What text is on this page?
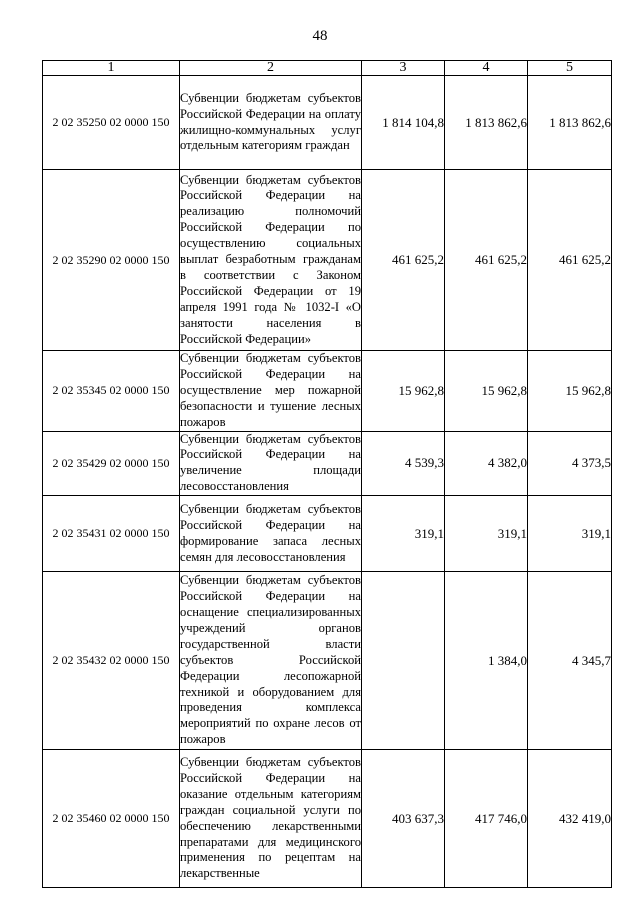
48
1	2	3	4	5
2 02 35250 02 0000 150	Субвенции бюджетам субъектов Российской Федерации на оплату жилищно-коммунальных услуг отдельным категориям граждан	1 814 104,8	1 813 862,6	1 813 862,6
2 02 35290 02 0000 150	Субвенции бюджетам субъектов Российской Федерации на реализацию полномочий Российской Федерации по осуществлению социальных выплат безработным гражданам в соответствии с Законом Российской Федерации от 19 апреля 1991 года № 1032-I «О занятости населения в Российской Федерации»	461 625,2	461 625,2	461 625,2
2 02 35345 02 0000 150	Субвенции бюджетам субъектов Российской Федерации на осуществление мер пожарной безопасности и тушение лесных пожаров	15 962,8	15 962,8	15 962,8
2 02 35429 02 0000 150	Субвенции бюджетам субъектов Российской Федерации на увеличение площади лесовосстановления	4 539,3	4 382,0	4 373,5
2 02 35431 02 0000 150	Субвенции бюджетам субъектов Российской Федерации на формирование запаса лесных семян для лесовосстановления	319,1	319,1	319,1
2 02 35432 02 0000 150	Субвенции бюджетам субъектов Российской Федерации на оснащение специализированных учреждений органов государственной власти субъектов Российской Федерации лесопожарной техникой и оборудованием для проведения комплекса мероприятий по охране лесов от пожаров		1 384,0	4 345,7
2 02 35460 02 0000 150	Субвенции бюджетам субъектов Российской Федерации на оказание отдельным категориям граждан социальной услуги по обеспечению лекарственными препаратами для медицинского применения по рецептам на лекарственные	403 637,3	417 746,0	432 419,0
